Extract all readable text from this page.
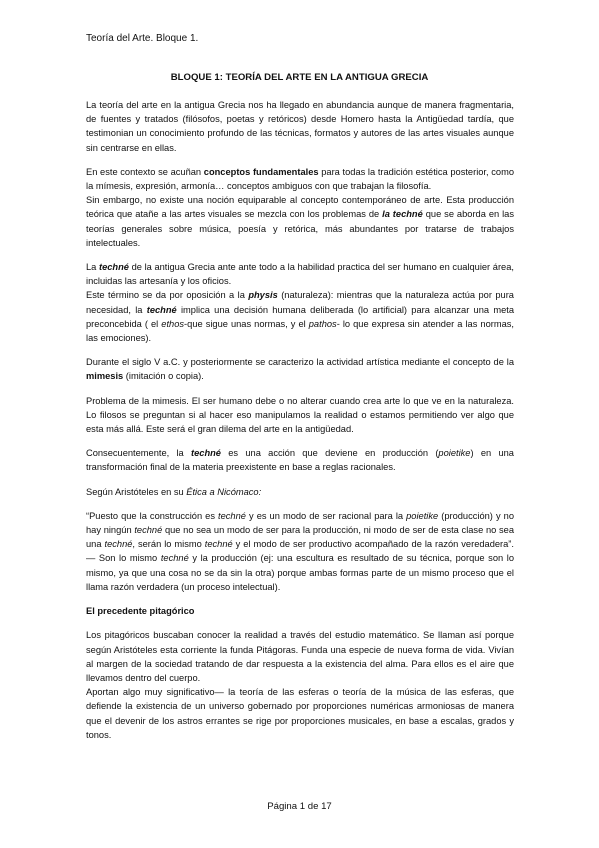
Teoría del Arte. Bloque 1.
BLOQUE 1: TEORÍA DEL ARTE EN LA ANTIGUA GRECIA

La teoría del arte en la antigua Grecia nos ha llegado en abundancia aunque de manera fragmentaria, de fuentes y tratados (filósofos, poetas y retóricos) desde Homero hasta la Antigüedad tardía, que testimonian un conocimiento profundo de las técnicas, formatos y autores de las artes visuales aunque sin centrarse en ellas.

En este contexto se acuñan conceptos fundamentales para todas la tradición estética posterior, como la mímesis, expresión, armonía… conceptos ambiguos con que trabajan la filosofía.

Sin embargo, no existe una noción equiparable al concepto contemporáneo de arte. Esta producción teórica que atañe a las artes visuales se mezcla con los problemas de la techné que se aborda en las teorías generales sobre música, poesía y retórica, más abundantes por tratarse de trabajos intelectuales.

La techné de la antigua Grecia ante ante todo a la habilidad practica del ser humano en cualquier área, incluidas las artesanía y los oficios.

Este término se da por oposición a la physis (naturaleza): mientras que la naturaleza actúa por pura necesidad, la techné implica una decisión humana deliberada (lo artificial) para alcanzar una meta preconcebida ( el ethos-que sigue unas normas, y el pathos- lo que expresa sin atender a las normas, las emociones).

Durante el siglo V a.C. y posteriormente se caracterizo la actividad artística mediante el concepto de la mimesis (imitación o copia).

Problema de la mimesis. El ser humano debe o no alterar cuando crea arte lo que ve en la naturaleza. Lo filosos se preguntan si al hacer eso manipulamos la realidad o estamos permitiendo ver algo que esta más allá. Este será el gran dilema del arte en la antigüedad.

Consecuentemente, la techné es una acción que deviene en producción (poietike) en una transformación final de la materia preexistente en base a reglas racionales.

Según Aristóteles en su Ética a Nicómaco:

“Puesto que la construcción es techné y es un modo de ser racional para la poietike (producción) y no hay ningún techné que no sea un modo de ser para la producción, ni modo de ser de esta clase no sea una techné, serán lo mismo techné y el modo de ser productivo acompañado de la razón veredadera”.— Son lo mismo techné y la producción (ej: una escultura es resultado de su técnica, porque son lo mismo, ya que una cosa no se da sin la otra) porque ambas formas parte de un mismo proceso que el llama razón verdadera (un proceso intelectual).

El precedente pitagórico

Los pitagóricos buscaban conocer la realidad a través del estudio matemático. Se llaman así porque según Aristóteles esta corriente la funda Pitágoras. Funda una especie de nueva forma de vida. Vivían al margen de la sociedad tratando de dar respuesta a la existencia del alma. Para ellos es el aire que llevamos dentro del cuerpo.

Aportan algo muy significativo— la teoría de las esferas o teoría de la música de las esferas, que defiende la existencia de un universo gobernado por proporciones numéricas armoniosas de manera que el devenir de los astros errantes se rige por proporciones musicales, en base a escalas, grados y tonos.

Página 1 de 17
